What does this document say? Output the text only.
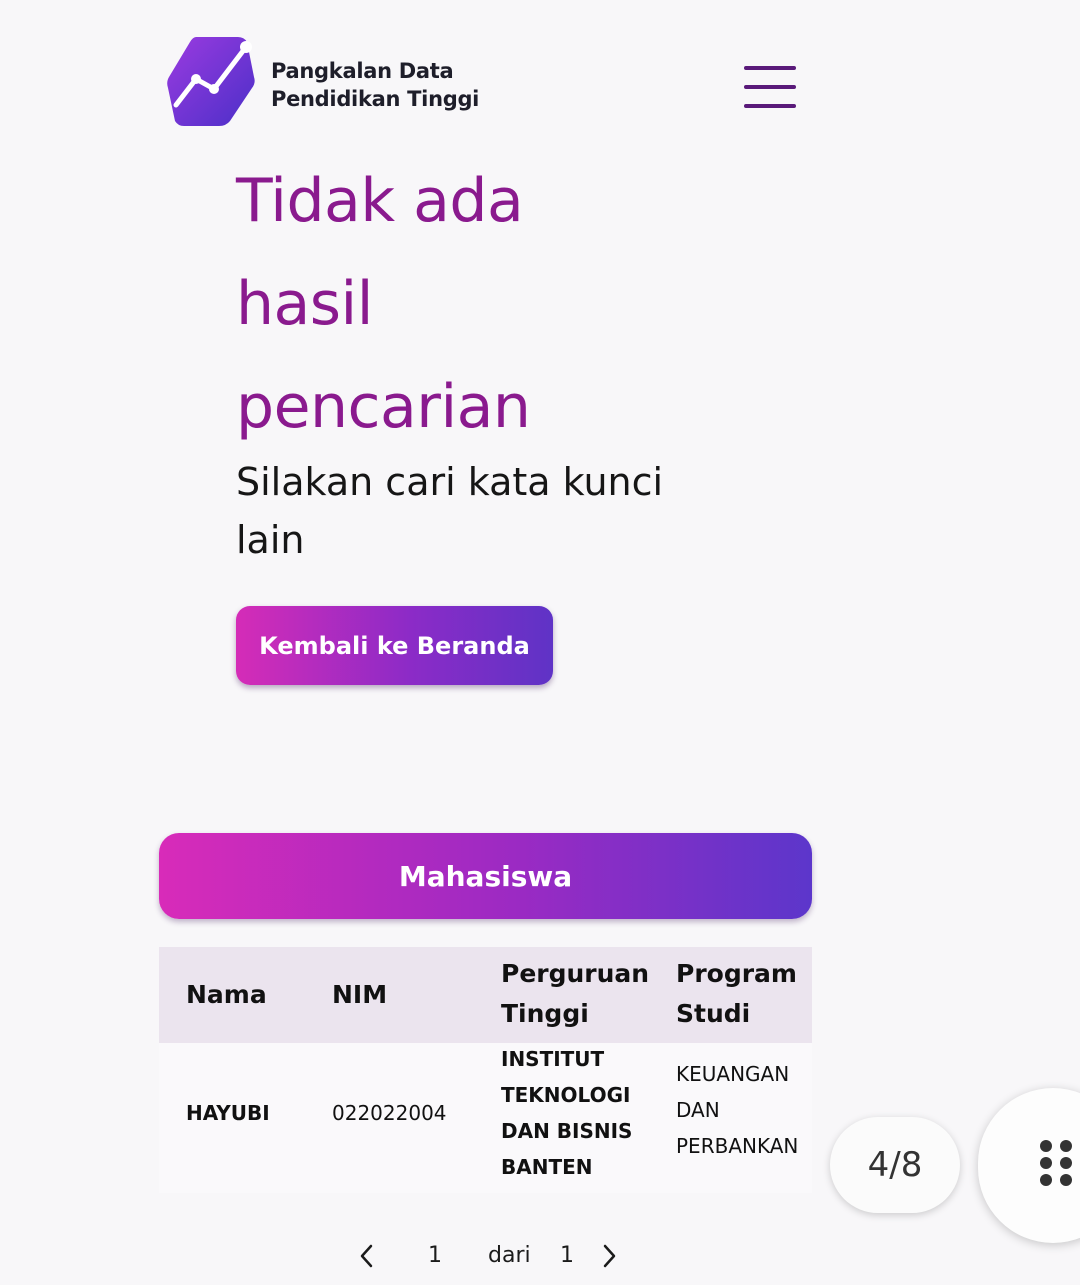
Pangkalan Data
Pendidikan Tinggi
Tidak ada hasil pencarian

Silakan cari kata kunci lain

Kembali ke Beranda
Mahasiswa
Nama	NIM
Perguruan Tinggi
Program Studi
HAYUBI	022022004
INSTITUT TEKNOLOGI DAN BISNIS BANTEN
KEUANGAN DAN PERBANKAN
1 dari 1
4/8
